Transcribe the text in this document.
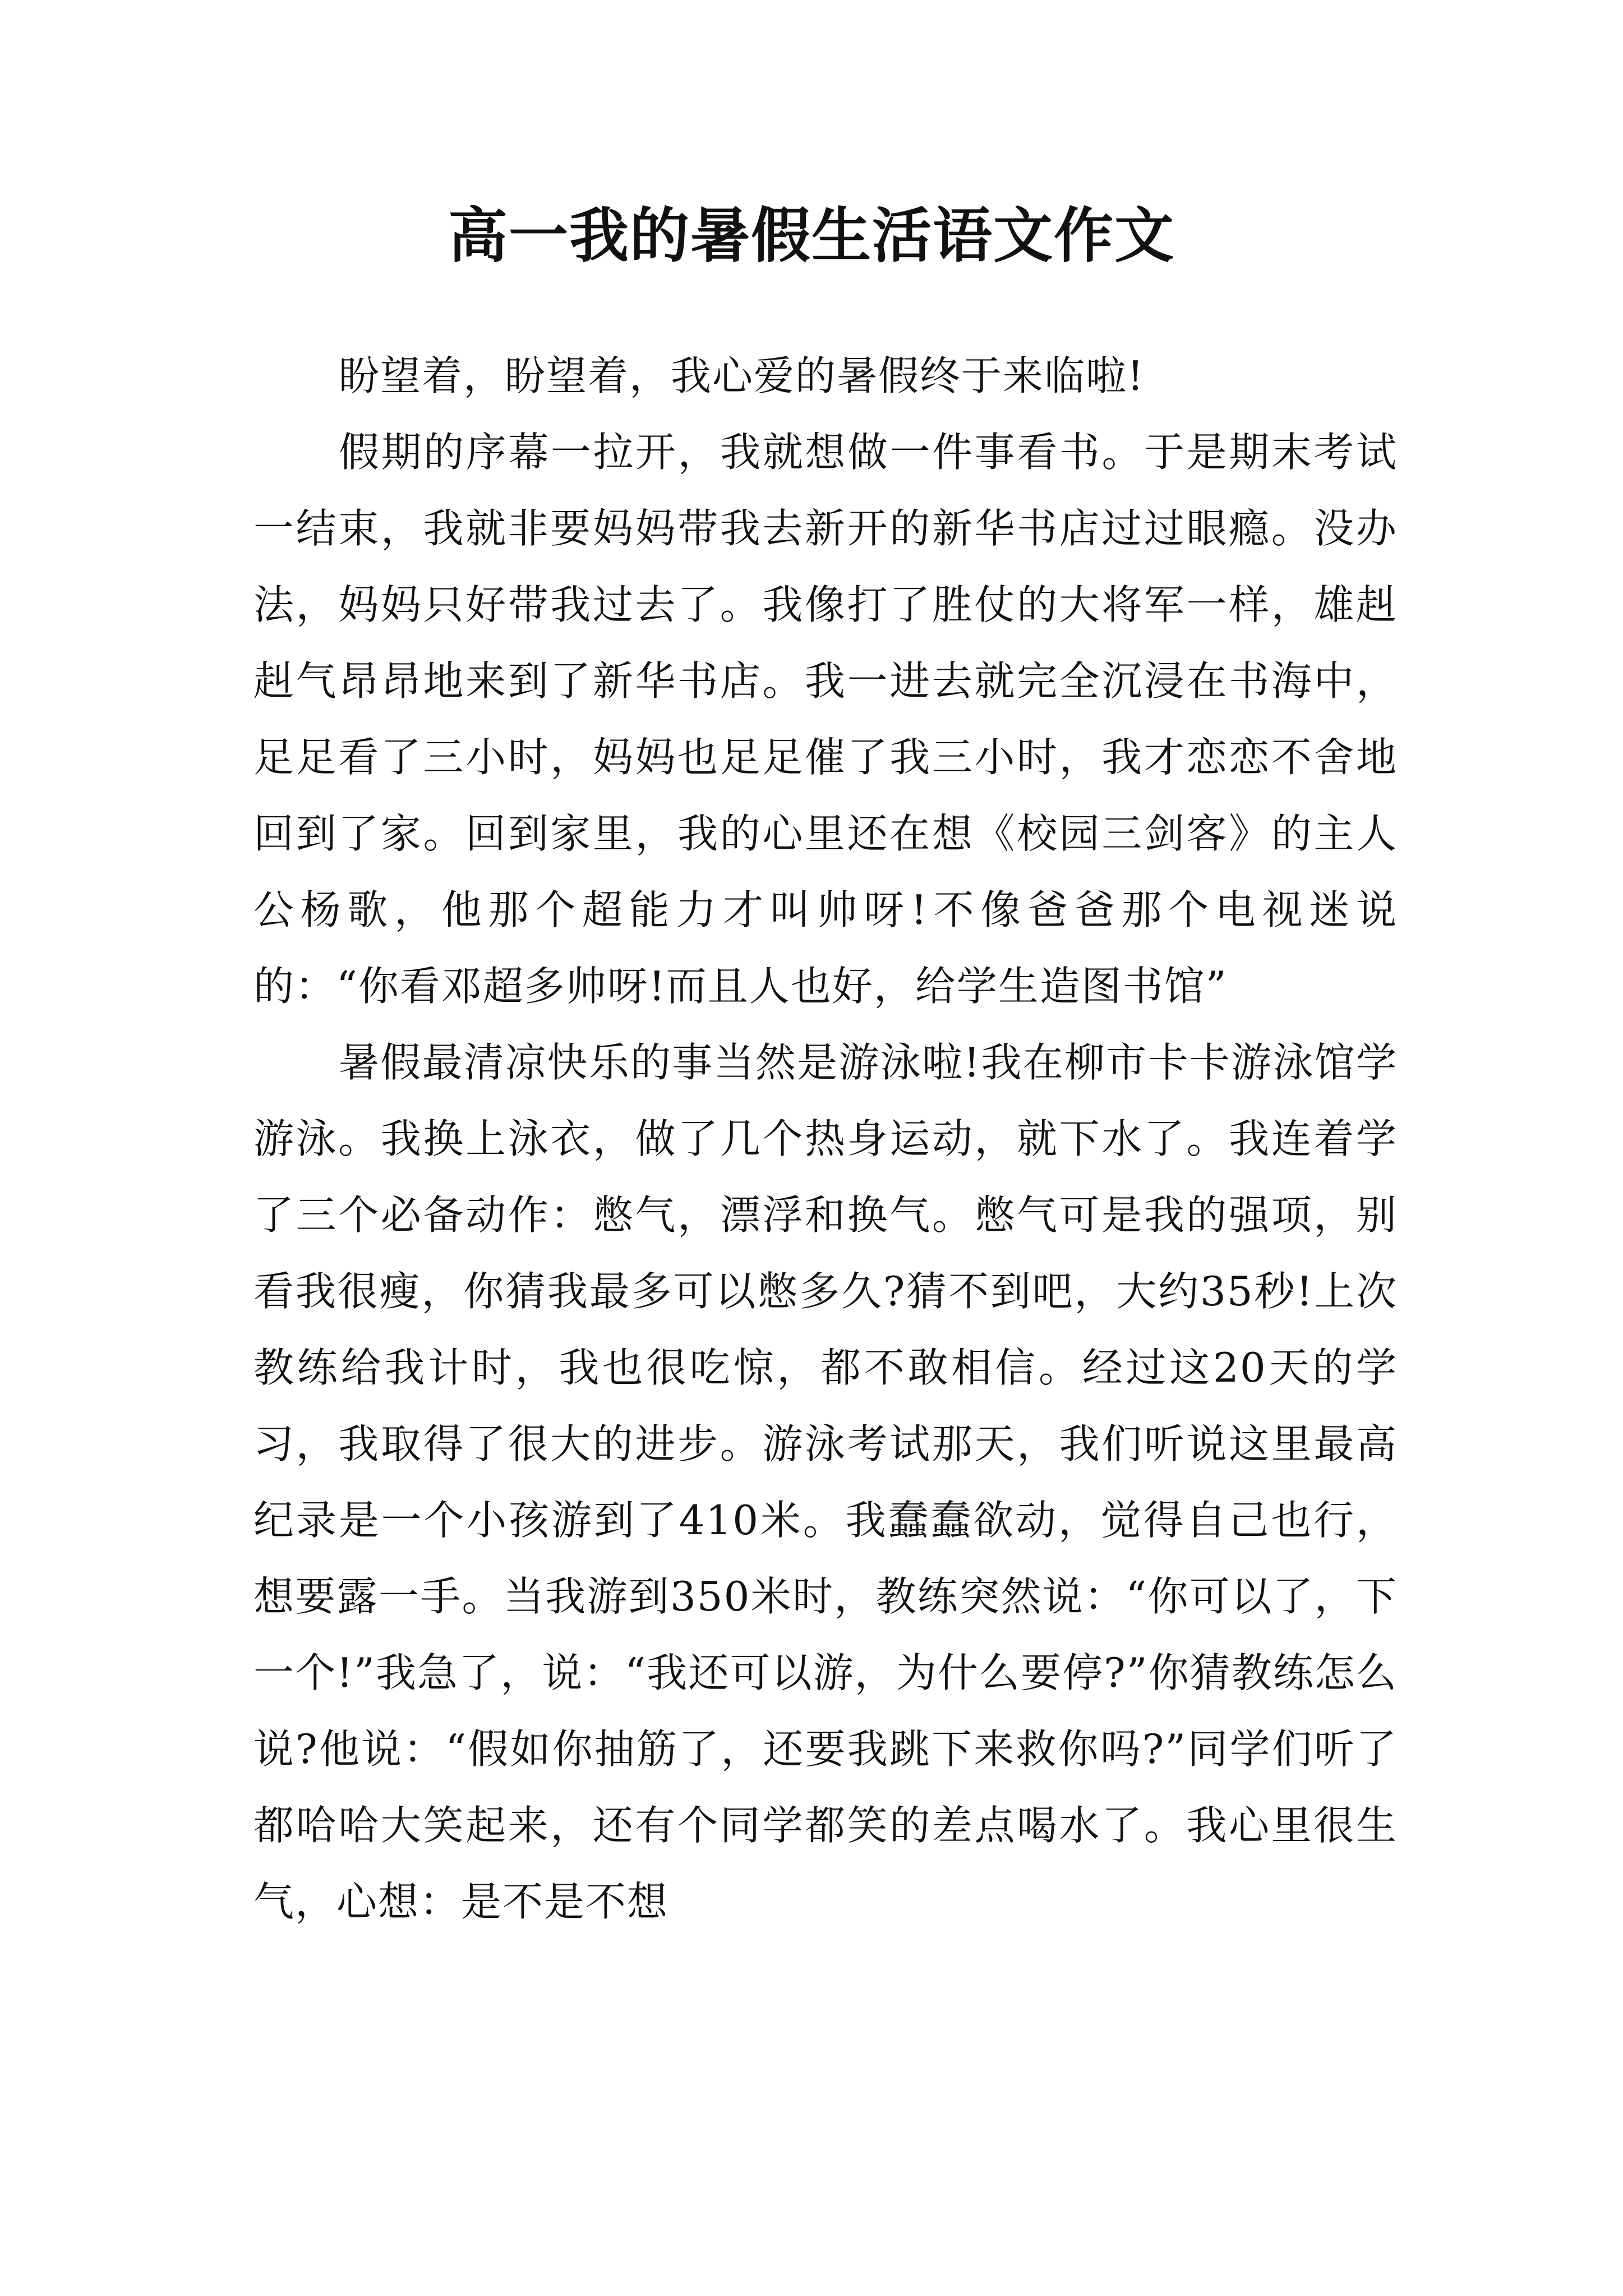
高一我的暑假生活语文作文

盼望着，盼望着，我心爱的暑假终于来临啦!

假期的序幕一拉开，我就想做一件事看书。于是期末考试一结束，我就非要妈妈带我去新开的新华书店过过眼瘾。没办法，妈妈只好带我过去了。我像打了胜仗的大将军一样，雄赳赳气昂昂地来到了新华书店。我一进去就完全沉浸在书海中，足足看了三小时，妈妈也足足催了我三小时，我才恋恋不舍地回到了家。回到家里，我的心里还在想《校园三剑客》的主人公杨歌，他那个超能力才叫帅呀!不像爸爸那个电视迷说的：“你看邓超多帅呀!而且人也好，给学生造图书馆”

暑假最清凉快乐的事当然是游泳啦!我在柳市卡卡游泳馆学游泳。我换上泳衣，做了几个热身运动，就下水了。我连着学了三个必备动作：憋气，漂浮和换气。憋气可是我的强项，别看我很瘦，你猜我最多可以憋多久?猜不到吧，大约35秒!上次教练给我计时，我也很吃惊，都不敢相信。经过这20天的学习，我取得了很大的进步。游泳考试那天，我们听说这里最高纪录是一个小孩游到了410米。我蠢蠢欲动，觉得自己也行，想要露一手。当我游到350米时，教练突然说：“你可以了，下一个!”我急了，说：“我还可以游，为什么要停?”你猜教练怎么说?他说：“假如你抽筋了，还要我跳下来救你吗?”同学们听了都哈哈大笑起来，还有个同学都笑的差点喝水了。我心里很生气，心想：是不是不想
